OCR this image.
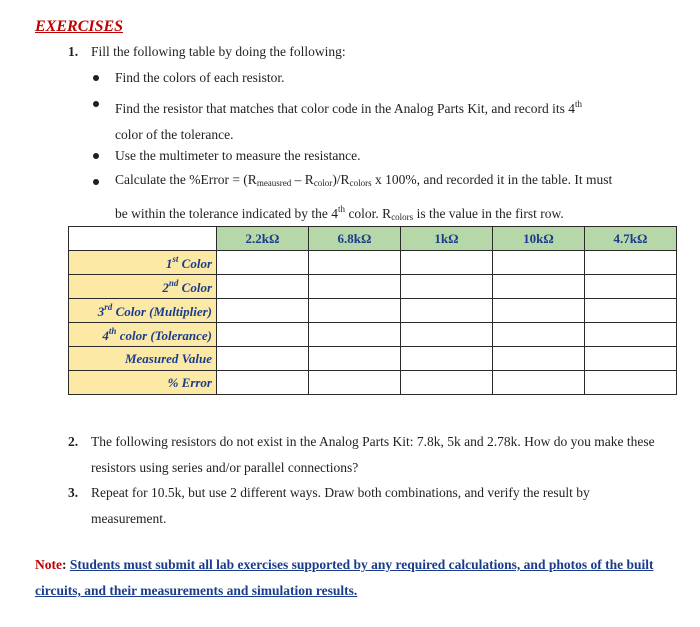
EXERCISES
1. Fill the following table by doing the following:
Find the colors of each resistor.
Find the resistor that matches that color code in the Analog Parts Kit, and record its 4th
color of the tolerance.
Use the multimeter to measure the resistance.
Calculate the %Error = $(R_{meausred} - R_{color})/R_{colors}$ x 100%, and recorded it in the table. It must
be within the tolerance indicated by the 4th color. $R_{colors}$ is the value in the first row.
	2.2kΩ	6.8kΩ	1kΩ	10kΩ	4.7kΩ
1st Color					
2nd Color					
3rd Color (Multiplier)					
4th color (Tolerance)					
Measured Value					
% Error					
2. The following resistors do not exist in the Analog Parts Kit: 7.8k, 5k and 2.78k. How do you make these resistors using series and/or parallel connections?
3. Repeat for 10.5k, but use 2 different ways. Draw both combinations, and verify the result by measurement.
Note: Students must submit all lab exercises supported by any required calculations, and photos of the built circuits, and their measurements and simulation results.
